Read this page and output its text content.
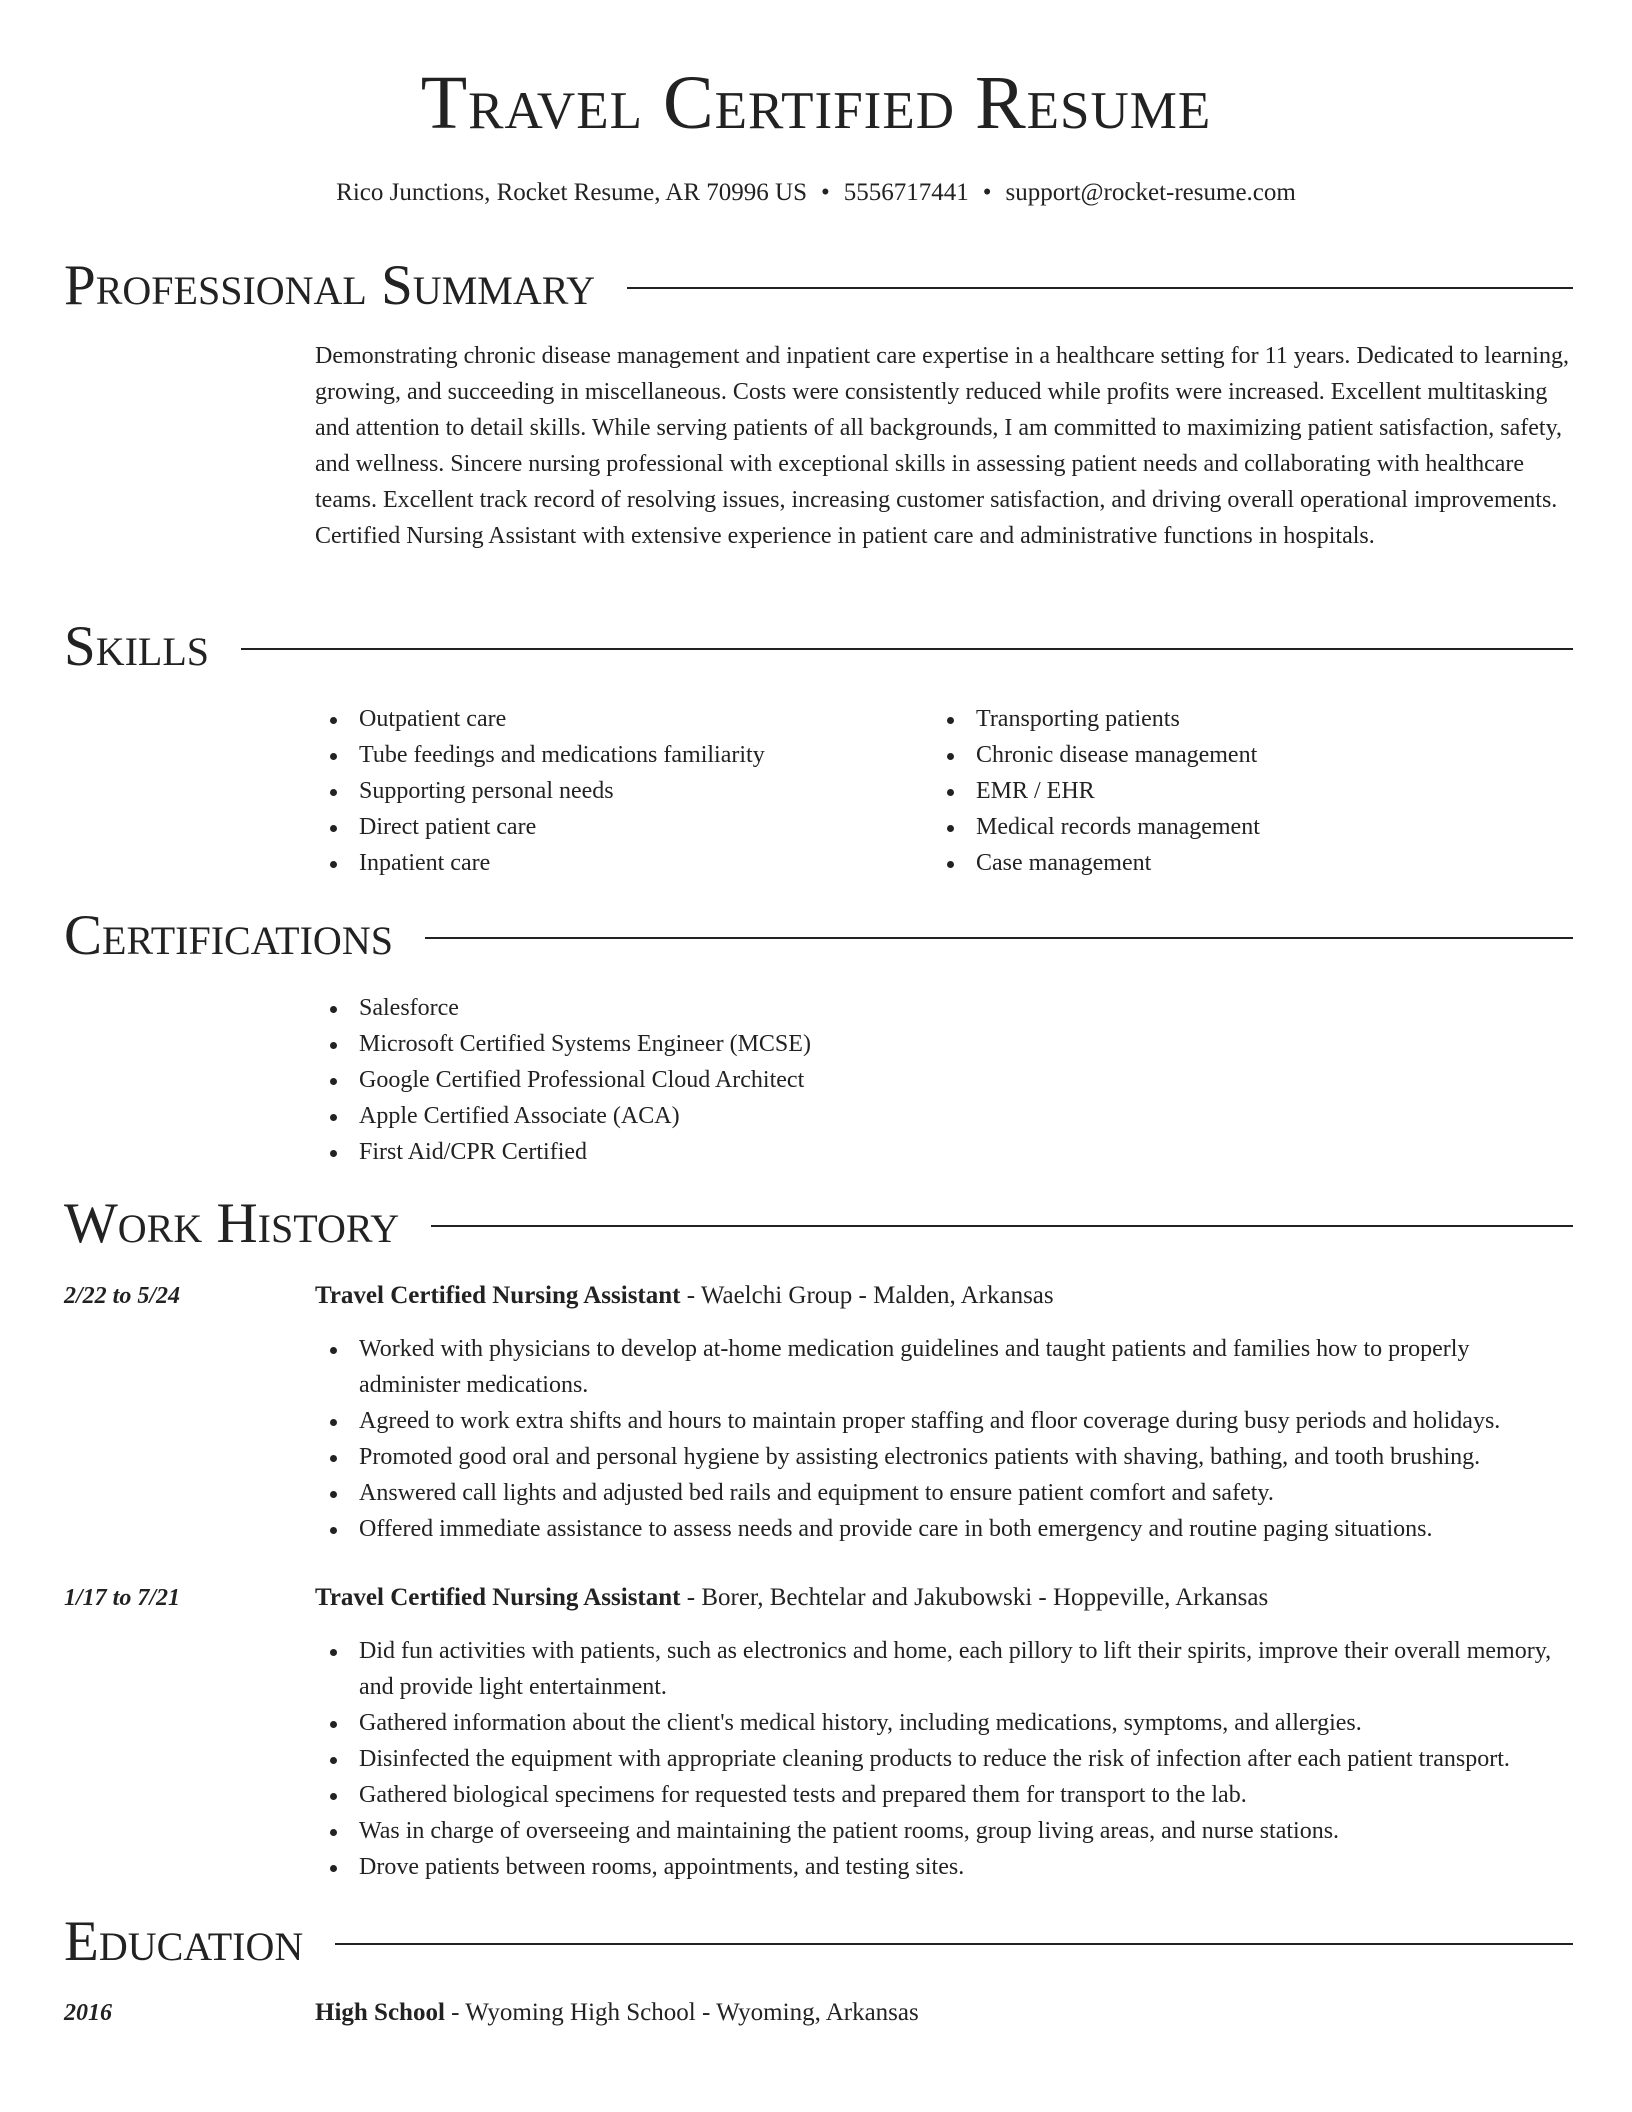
Travel Certified Resume
Rico Junctions, Rocket Resume, AR 70996 US • 5556717441 • support@rocket-resume.com
Professional Summary

Demonstrating chronic disease management and inpatient care expertise in a healthcare setting for 11 years. Dedicated to learning, growing, and succeeding in miscellaneous. Costs were consistently reduced while profits were increased. Excellent multitasking and attention to detail skills. While serving patients of all backgrounds, I am committed to maximizing patient satisfaction, safety, and wellness. Sincere nursing professional with exceptional skills in assessing patient needs and collaborating with healthcare teams. Excellent track record of resolving issues, increasing customer satisfaction, and driving overall operational improvements. Certified Nursing Assistant with extensive experience in patient care and administrative functions in hospitals.

Skills
Outpatient care
Tube feedings and medications familiarity
Supporting personal needs
Direct patient care
Inpatient care
Transporting patients
Chronic disease management
EMR / EHR
Medical records management
Case management
Certifications
Salesforce
Microsoft Certified Systems Engineer (MCSE)
Google Certified Professional Cloud Architect
Apple Certified Associate (ACA)
First Aid/CPR Certified
Work History
2/22 to 5/24	Travel Certified Nursing Assistant - Waelchi Group - Malden, Arkansas
Worked with physicians to develop at-home medication guidelines and taught patients and families how to properly administer medications.
Agreed to work extra shifts and hours to maintain proper staffing and floor coverage during busy periods and holidays.
Promoted good oral and personal hygiene by assisting electronics patients with shaving, bathing, and tooth brushing.
Answered call lights and adjusted bed rails and equipment to ensure patient comfort and safety.
Offered immediate assistance to assess needs and provide care in both emergency and routine paging situations.
1/17 to 7/21	Travel Certified Nursing Assistant - Borer, Bechtelar and Jakubowski - Hoppeville, Arkansas
Did fun activities with patients, such as electronics and home, each pillory to lift their spirits, improve their overall memory, and provide light entertainment.
Gathered information about the client's medical history, including medications, symptoms, and allergies.
Disinfected the equipment with appropriate cleaning products to reduce the risk of infection after each patient transport.
Gathered biological specimens for requested tests and prepared them for transport to the lab.
Was in charge of overseeing and maintaining the patient rooms, group living areas, and nurse stations.
Drove patients between rooms, appointments, and testing sites.
Education
2016	High School - Wyoming High School - Wyoming, Arkansas
